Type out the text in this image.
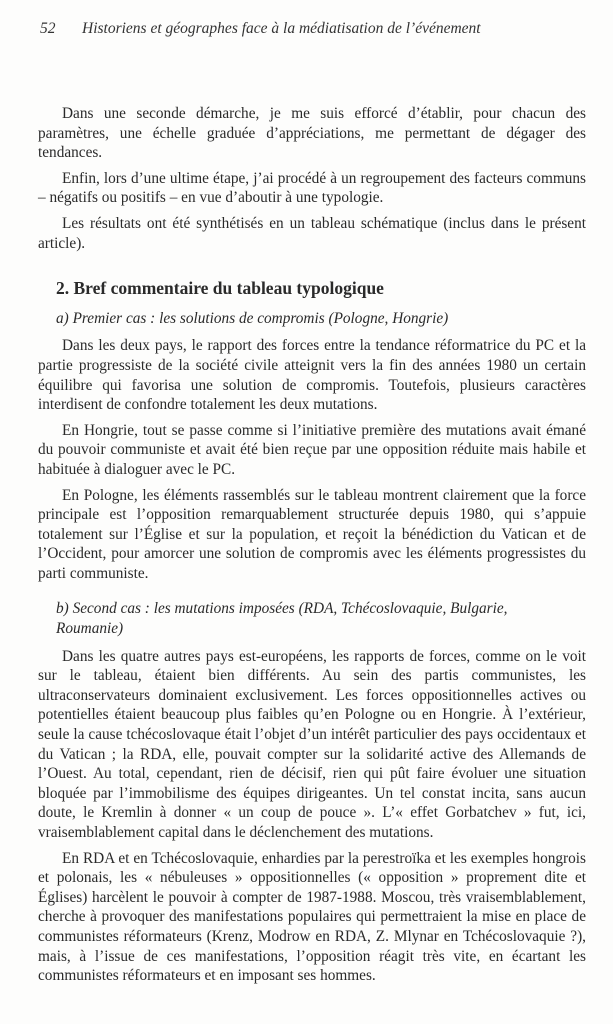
52 Historiens et géographes face à la médiatisation de l’événement

Dans une seconde démarche, je me suis efforcé d’établir, pour chacun des paramètres, une échelle graduée d’appréciations, me permettant de dégager des tendances.

Enfin, lors d’une ultime étape, j’ai procédé à un regroupement des facteurs communs – négatifs ou positifs – en vue d’aboutir à une typologie.

Les résultats ont été synthétisés en un tableau schématique (inclus dans le présent article).

2. Bref commentaire du tableau typologique
a) Premier cas : les solutions de compromis (Pologne, Hongrie)

Dans les deux pays, le rapport des forces entre la tendance réformatrice du PC et la partie progressiste de la société civile atteignit vers la fin des années 1980 un certain équilibre qui favorisa une solution de compromis. Toutefois, plusieurs caractères interdisent de confondre totalement les deux mutations.

En Hongrie, tout se passe comme si l’initiative première des mutations avait émané du pouvoir communiste et avait été bien reçue par une opposition réduite mais habile et habituée à dialoguer avec le PC.

En Pologne, les éléments rassemblés sur le tableau montrent clairement que la force principale est l’opposition remarquablement structurée depuis 1980, qui s’appuie totalement sur l’Église et sur la population, et reçoit la bénédiction du Vatican et de l’Occident, pour amorcer une solution de compromis avec les éléments progressistes du parti communiste.

b) Second cas : les mutations imposées (RDA, Tchécoslovaquie, Bulgarie, Roumanie)

Dans les quatre autres pays est-européens, les rapports de forces, comme on le voit sur le tableau, étaient bien différents. Au sein des partis communistes, les ultraconservateurs dominaient exclusivement. Les forces oppositionnelles actives ou potentielles étaient beaucoup plus faibles qu’en Pologne ou en Hongrie. À l’extérieur, seule la cause tchécoslovaque était l’objet d’un intérêt particulier des pays occidentaux et du Vatican ; la RDA, elle, pouvait compter sur la solidarité active des Allemands de l’Ouest. Au total, cependant, rien de décisif, rien qui pût faire évoluer une situation bloquée par l’immobilisme des équipes dirigeantes. Un tel constat incita, sans aucun doute, le Kremlin à donner « un coup de pouce ». L’« effet Gorbatchev » fut, ici, vraisemblablement capital dans le déclenchement des mutations.

En RDA et en Tchécoslovaquie, enhardies par la perestroïka et les exemples hongrois et polonais, les « nébuleuses » oppositionnelles (« opposition » proprement dite et Églises) harcèlent le pouvoir à compter de 1987-1988. Moscou, très vraisemblablement, cherche à provoquer des manifestations populaires qui permettraient la mise en place de communistes réformateurs (Krenz, Modrow en RDA, Z. Mlynar en Tchécoslovaquie ?), mais, à l’issue de ces manifestations, l’opposition réagit très vite, en écartant les communistes réformateurs et en imposant ses hommes.
